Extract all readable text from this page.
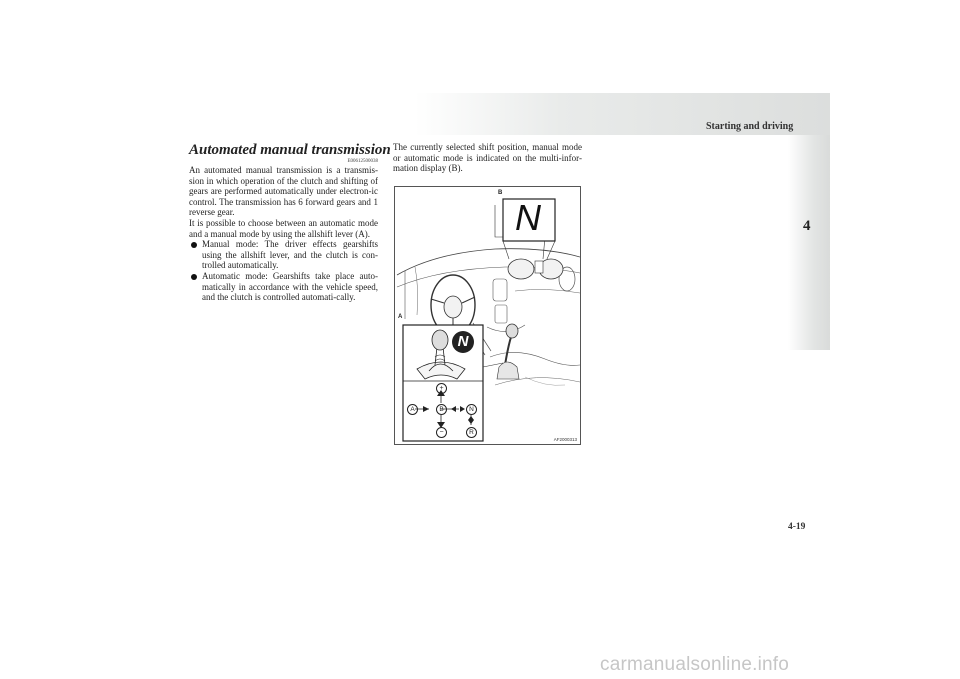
Starting and driving
4
Automated manual transmission
E00612500038

An automated manual transmission is a transmis-sion in which operation of the clutch and shifting of gears are performed automatically under electron-ic control. The transmission has 6 forward gears and 1 reverse gear.

It is possible to choose between an automatic mode and a manual mode by using the allshift lever (A).

Manual mode: The driver effects gearshifts using the allshift lever, and the clutch is con-trolled automatically.
Automatic mode: Gearshifts take place auto-matically in accordance with the vehicle speed, and the clutch is controlled automati-cally.

The currently selected shift position, manual mode or automatic mode is indicated on the multi-infor-mation display (B).

B
A
N
N
+
−
A	B	N
R
AF2000313
4-19
carmanualsonline.info
